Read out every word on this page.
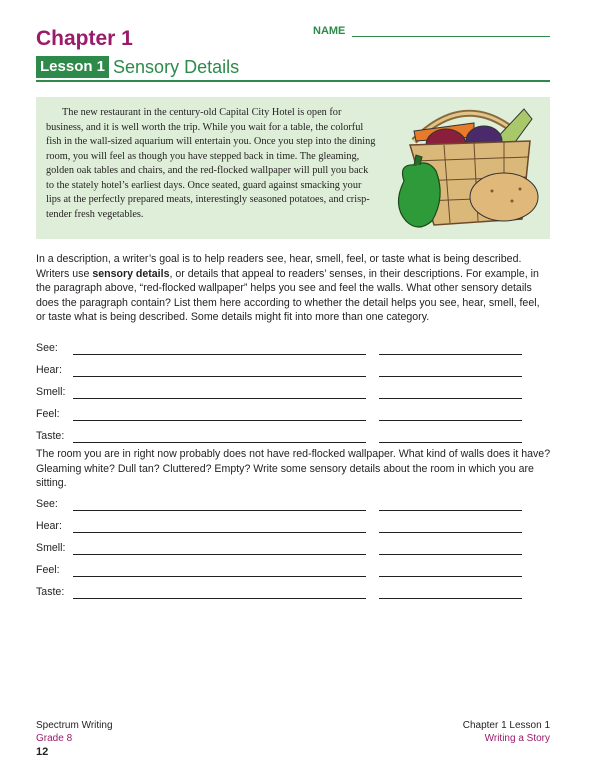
Chapter 1	NAME
Lesson 1 Sensory Details

The new restaurant in the century-old Capital City Hotel is open for business, and it is well worth the trip. While you wait for a table, the colorful fish in the wall-sized aquarium will entertain you. Once you step into the dining room, you will feel as though you have stepped back in time. The gleaming, golden oak tables and chairs, and the red-flocked wallpaper will pull you back to the stately hotel’s earliest days. Once seated, guard against smacking your lips at the perfectly prepared meats, interestingly seasoned potatoes, and crisp-tender fresh vegetables.

In a description, a writer’s goal is to help readers see, hear, smell, feel, or taste what is being described. Writers use sensory details, or details that appeal to readers’ senses, in their descriptions. For example, in the paragraph above, “red-flocked wallpaper” helps you see and feel the walls. What other sensory details does the paragraph contain? List them here according to whether the detail helps you see, hear, smell, feel, or taste what is being described. Some details might fit into more than one category.

See:
Hear:
Smell:
Feel:
Taste:

The room you are in right now probably does not have red-flocked wallpaper. What kind of walls does it have? Gleaming white? Dull tan? Cluttered? Empty? Write some sensory details about the room in which you are sitting.

See:
Hear:
Smell:
Feel:
Taste:
Spectrum Writing
Grade 8
12
Chapter 1 Lesson 1
Writing a Story
